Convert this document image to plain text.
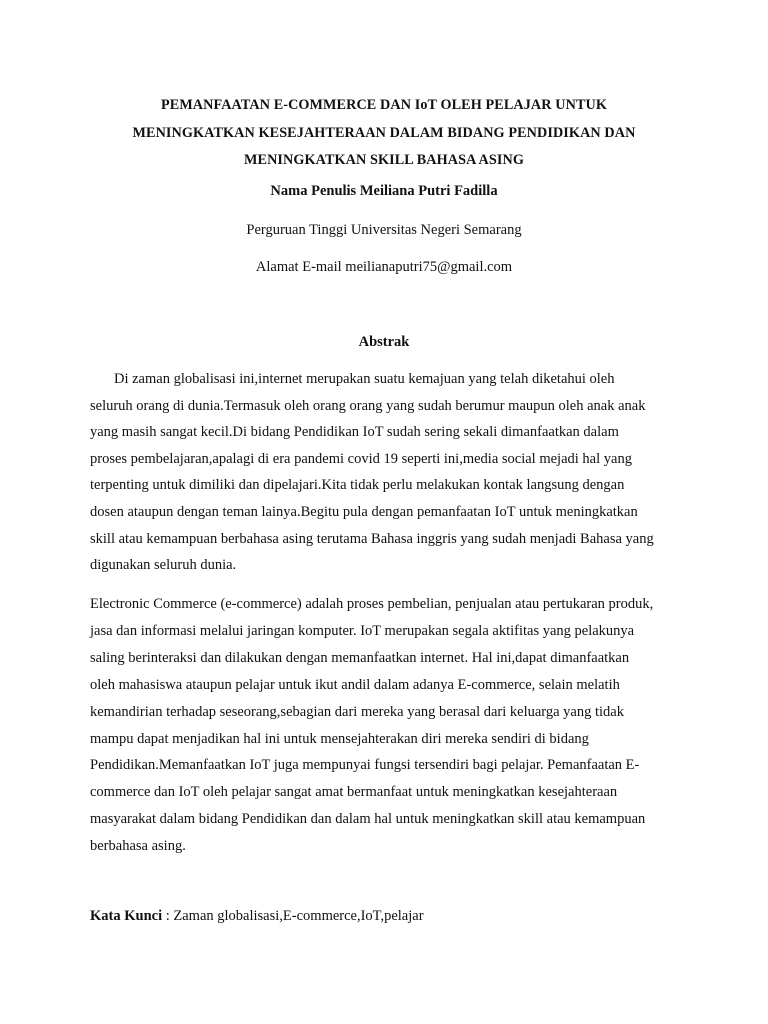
PEMANFAATAN E-COMMERCE DAN IoT OLEH PELAJAR UNTUK
MENINGKATKAN KESEJAHTERAAN DALAM BIDANG PENDIDIKAN DAN
MENINGKATKAN SKILL BAHASA ASING
Nama Penulis Meiliana Putri Fadilla
Perguruan Tinggi Universitas Negeri Semarang
Alamat E-mail meilianaputri75@gmail.com
Abstrak
Di zaman globalisasi ini,internet merupakan suatu kemajuan yang telah diketahui oleh
seluruh orang di dunia.Termasuk oleh orang orang yang sudah berumur maupun oleh anak anak
yang masih sangat kecil.Di bidang Pendidikan IoT sudah sering sekali dimanfaatkan dalam
proses pembelajaran,apalagi di era pandemi covid 19 seperti ini,media social mejadi hal yang
terpenting untuk dimiliki dan dipelajari.Kita tidak perlu melakukan kontak langsung dengan
dosen ataupun dengan teman lainya.Begitu pula dengan pemanfaatan IoT untuk meningkatkan
skill atau kemampuan berbahasa asing terutama Bahasa inggris yang sudah menjadi Bahasa yang
digunakan seluruh dunia.
Electronic Commerce (e-commerce) adalah proses pembelian, penjualan atau pertukaran produk,
jasa dan informasi melalui jaringan komputer. IoT merupakan segala aktifitas yang pelakunya
saling berinteraksi dan dilakukan dengan memanfaatkan internet. Hal ini,dapat dimanfaatkan
oleh mahasiswa ataupun pelajar untuk ikut andil dalam adanya E-commerce, selain melatih
kemandirian terhadap seseorang,sebagian dari mereka yang berasal dari keluarga yang tidak
mampu dapat menjadikan hal ini untuk mensejahterakan diri mereka sendiri di bidang
Pendidikan.Memanfaatkan IoT juga mempunyai fungsi tersendiri bagi pelajar. Pemanfaatan E-
commerce dan IoT oleh pelajar sangat amat bermanfaat untuk meningkatkan kesejahteraan
masyarakat dalam bidang Pendidikan dan dalam hal untuk meningkatkan skill atau kemampuan
berbahasa asing.
Kata Kunci : Zaman globalisasi,E-commerce,IoT,pelajar
